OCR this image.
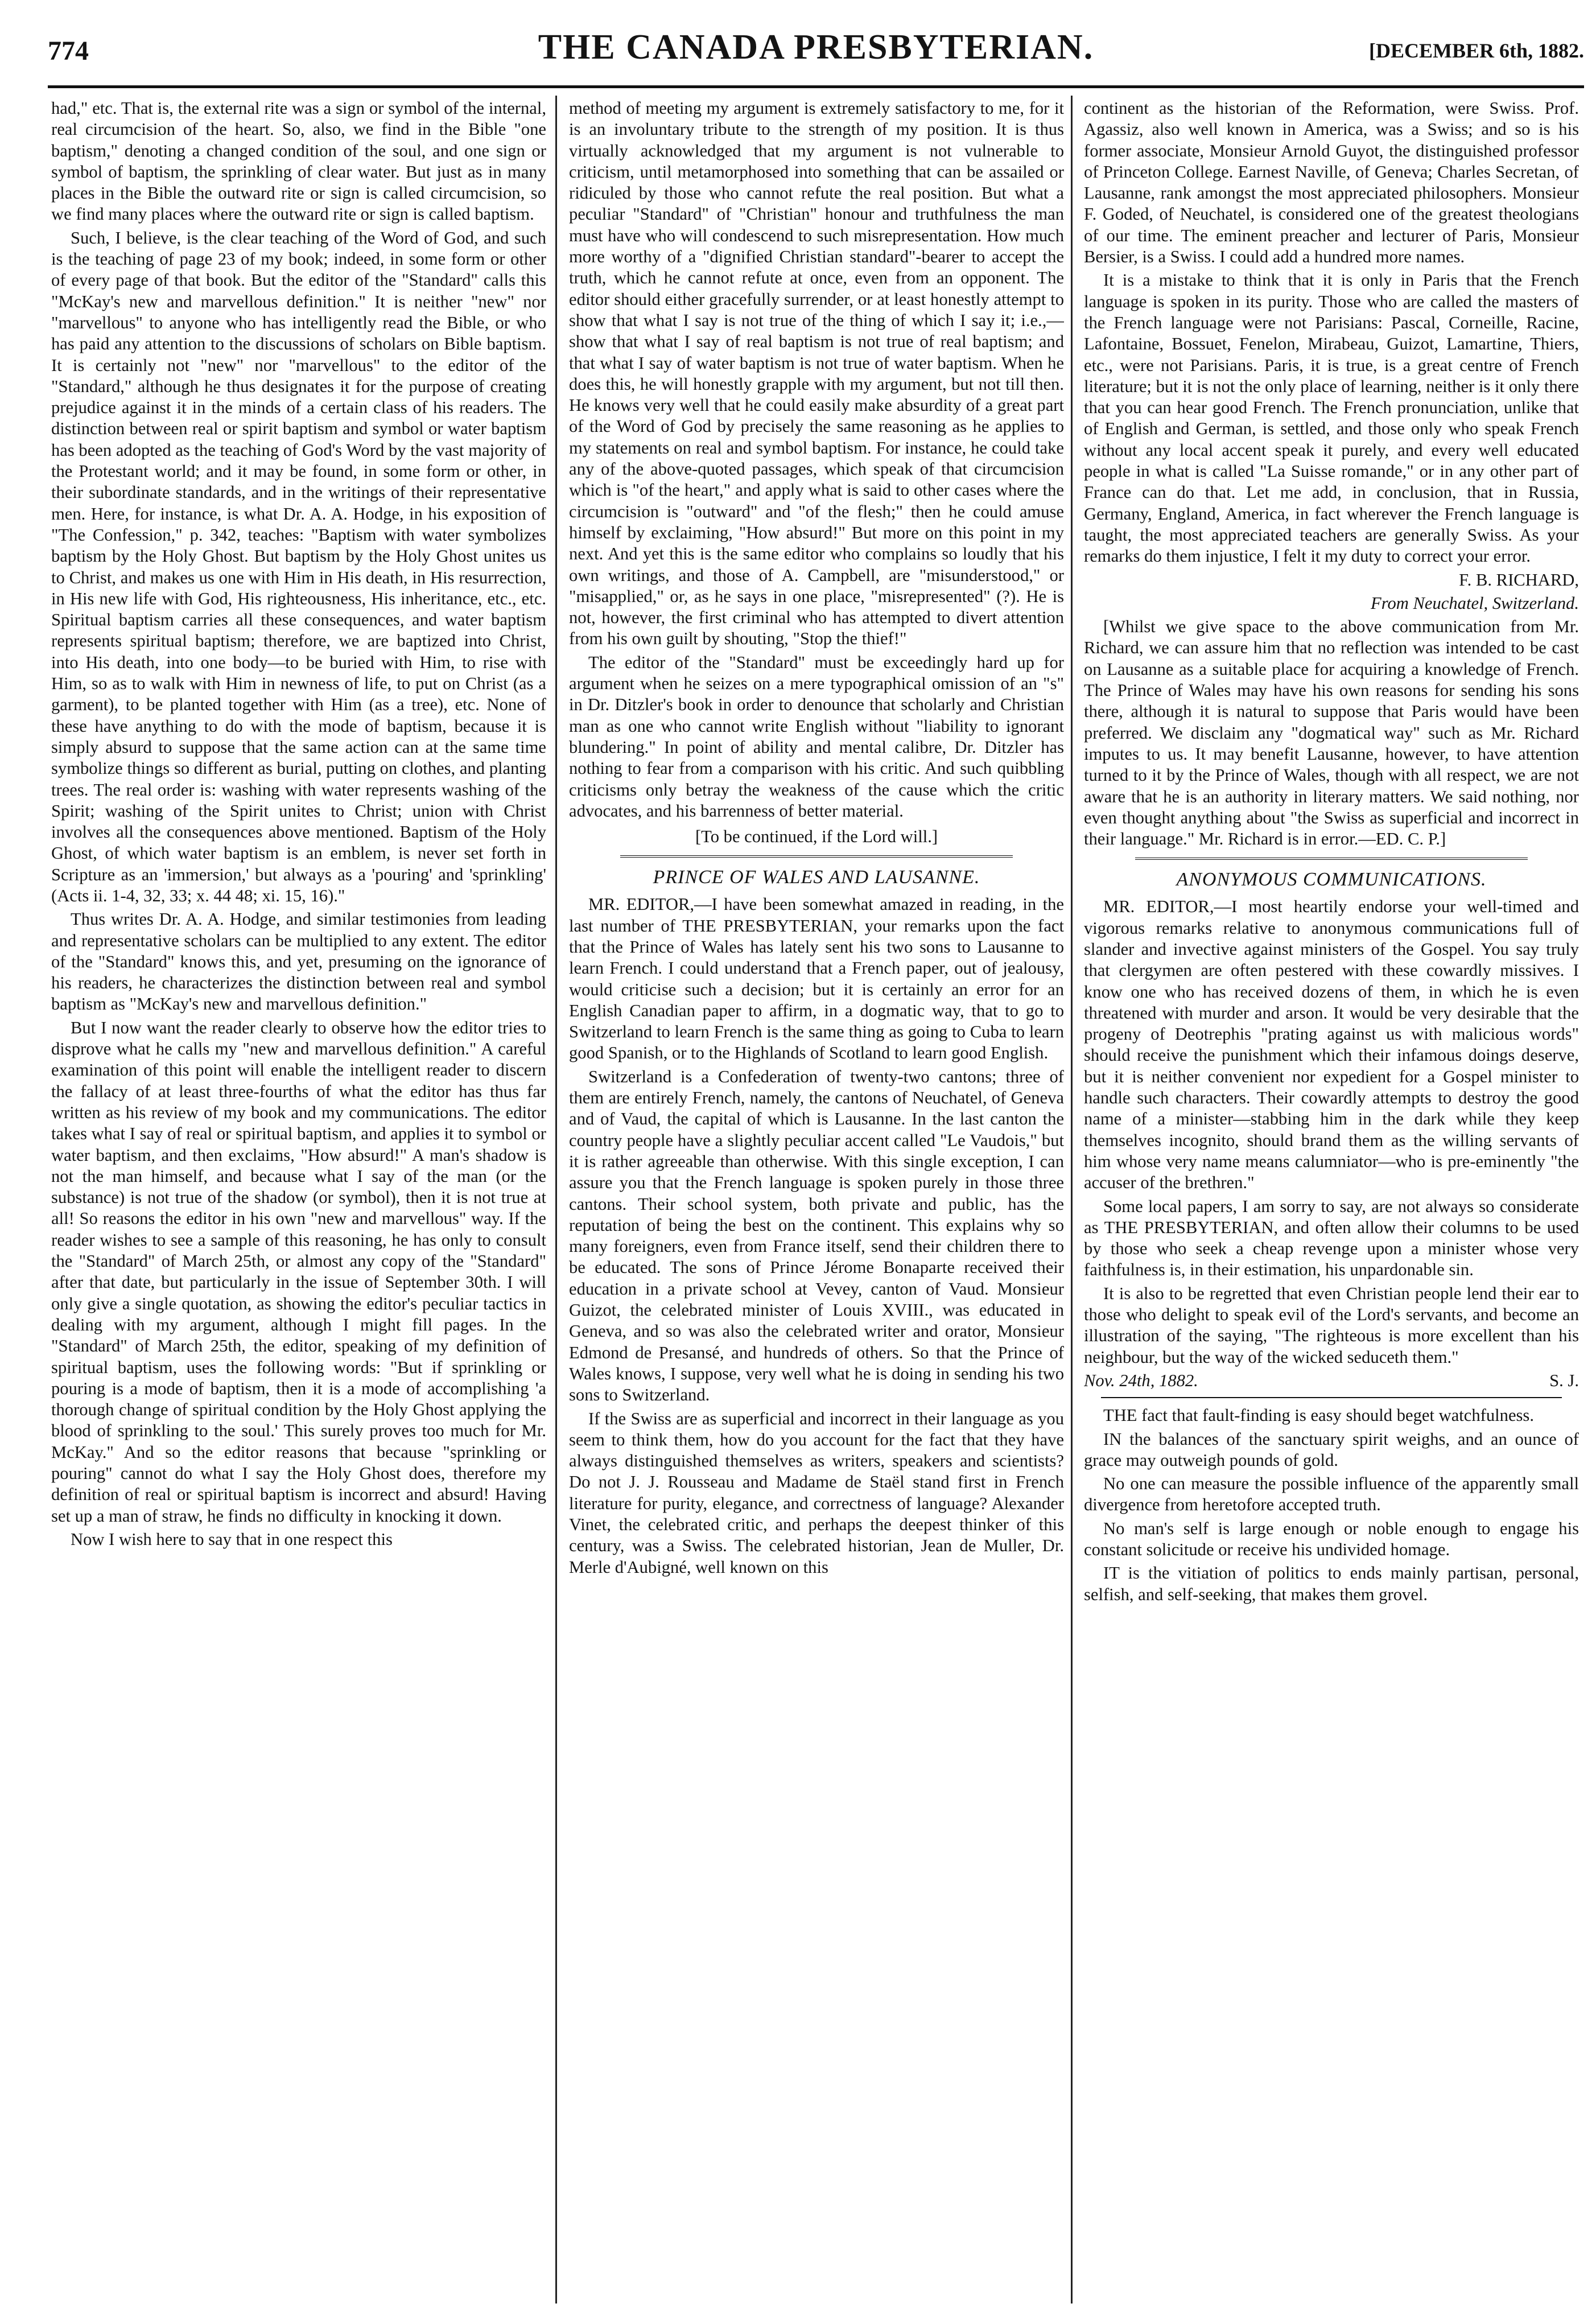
774	THE CANADA PRESBYTERIAN.	[DECEMBER 6th, 1882.

had," etc. That is, the external rite was a sign or symbol of the internal, real circumcision of the heart. So, also, we find in the Bible "one baptism," denoting a changed condition of the soul, and one sign or symbol of baptism, the sprinkling of clear water. But just as in many places in the Bible the outward rite or sign is called circumcision, so we find many places where the outward rite or sign is called baptism.

Such, I believe, is the clear teaching of the Word of God, and such is the teaching of page 23 of my book; indeed, in some form or other of every page of that book. But the editor of the "Standard" calls this "McKay's new and marvellous definition." It is neither "new" nor "marvellous" to anyone who has intelligently read the Bible, or who has paid any attention to the discussions of scholars on Bible baptism. It is certainly not "new" nor "marvellous" to the editor of the "Standard," although he thus designates it for the purpose of creating prejudice against it in the minds of a certain class of his readers. The distinction between real or spirit baptism and symbol or water baptism has been adopted as the teaching of God's Word by the vast majority of the Protestant world; and it may be found, in some form or other, in their subordinate standards, and in the writings of their representative men. Here, for instance, is what Dr. A. A. Hodge, in his exposition of "The Confession," p. 342, teaches: "Baptism with water symbolizes baptism by the Holy Ghost. But baptism by the Holy Ghost unites us to Christ, and makes us one with Him in His death, in His resurrection, in His new life with God, His righteousness, His inheritance, etc., etc. Spiritual baptism carries all these consequences, and water baptism represents spiritual baptism; therefore, we are baptized into Christ, into His death, into one body—to be buried with Him, to rise with Him, so as to walk with Him in newness of life, to put on Christ (as a garment), to be planted together with Him (as a tree), etc. None of these have anything to do with the mode of baptism, because it is simply absurd to suppose that the same action can at the same time symbolize things so different as burial, putting on clothes, and planting trees. The real order is: washing with water represents washing of the Spirit; washing of the Spirit unites to Christ; union with Christ involves all the consequences above mentioned. Baptism of the Holy Ghost, of which water baptism is an emblem, is never set forth in Scripture as an 'immersion,' but always as a 'pouring' and 'sprinkling' (Acts ii. 1-4, 32, 33; x. 44 48; xi. 15, 16)."

Thus writes Dr. A. A. Hodge, and similar testimonies from leading and representative scholars can be multiplied to any extent. The editor of the "Standard" knows this, and yet, presuming on the ignorance of his readers, he characterizes the distinction between real and symbol baptism as "McKay's new and marvellous definition."

But I now want the reader clearly to observe how the editor tries to disprove what he calls my "new and marvellous definition." A careful examination of this point will enable the intelligent reader to discern the fallacy of at least three-fourths of what the editor has thus far written as his review of my book and my communications. The editor takes what I say of real or spiritual baptism, and applies it to symbol or water baptism, and then exclaims, "How absurd!" A man's shadow is not the man himself, and because what I say of the man (or the substance) is not true of the shadow (or symbol), then it is not true at all! So reasons the editor in his own "new and marvellous" way. If the reader wishes to see a sample of this reasoning, he has only to consult the "Standard" of March 25th, or almost any copy of the "Standard" after that date, but particularly in the issue of September 30th. I will only give a single quotation, as showing the editor's peculiar tactics in dealing with my argument, although I might fill pages. In the "Standard" of March 25th, the editor, speaking of my definition of spiritual baptism, uses the following words: "But if sprinkling or pouring is a mode of baptism, then it is a mode of accomplishing 'a thorough change of spiritual condition by the Holy Ghost applying the blood of sprinkling to the soul.' This surely proves too much for Mr. McKay." And so the editor reasons that because "sprinkling or pouring" cannot do what I say the Holy Ghost does, therefore my definition of real or spiritual baptism is incorrect and absurd! Having set up a man of straw, he finds no difficulty in knocking it down.

Now I wish here to say that in one respect this

method of meeting my argument is extremely satisfactory to me, for it is an involuntary tribute to the strength of my position. It is thus virtually acknowledged that my argument is not vulnerable to criticism, until metamorphosed into something that can be assailed or ridiculed by those who cannot refute the real position. But what a peculiar "Standard" of "Christian" honour and truthfulness the man must have who will condescend to such misrepresentation. How much more worthy of a "dignified Christian standard"-bearer to accept the truth, which he cannot refute at once, even from an opponent. The editor should either gracefully surrender, or at least honestly attempt to show that what I say is not true of the thing of which I say it; i.e.,—show that what I say of real baptism is not true of real baptism; and that what I say of water baptism is not true of water baptism. When he does this, he will honestly grapple with my argument, but not till then. He knows very well that he could easily make absurdity of a great part of the Word of God by precisely the same reasoning as he applies to my statements on real and symbol baptism. For instance, he could take any of the above-quoted passages, which speak of that circumcision which is "of the heart," and apply what is said to other cases where the circumcision is "outward" and "of the flesh;" then he could amuse himself by exclaiming, "How absurd!" But more on this point in my next. And yet this is the same editor who complains so loudly that his own writings, and those of A. Campbell, are "misunderstood," or "misapplied," or, as he says in one place, "misrepresented" (?). He is not, however, the first criminal who has attempted to divert attention from his own guilt by shouting, "Stop the thief!"

The editor of the "Standard" must be exceedingly hard up for argument when he seizes on a mere typographical omission of an "s" in Dr. Ditzler's book in order to denounce that scholarly and Christian man as one who cannot write English without "liability to ignorant blundering." In point of ability and mental calibre, Dr. Ditzler has nothing to fear from a comparison with his critic. And such quibbling criticisms only betray the weakness of the cause which the critic advocates, and his barrenness of better material.

[To be continued, if the Lord will.]

PRINCE OF WALES AND LAUSANNE.

MR. EDITOR,—I have been somewhat amazed in reading, in the last number of THE PRESBYTERIAN, your remarks upon the fact that the Prince of Wales has lately sent his two sons to Lausanne to learn French. I could understand that a French paper, out of jealousy, would criticise such a decision; but it is certainly an error for an English Canadian paper to affirm, in a dogmatic way, that to go to Switzerland to learn French is the same thing as going to Cuba to learn good Spanish, or to the Highlands of Scotland to learn good English.

Switzerland is a Confederation of twenty-two cantons; three of them are entirely French, namely, the cantons of Neuchatel, of Geneva and of Vaud, the capital of which is Lausanne. In the last canton the country people have a slightly peculiar accent called "Le Vaudois," but it is rather agreeable than otherwise. With this single exception, I can assure you that the French language is spoken purely in those three cantons. Their school system, both private and public, has the reputation of being the best on the continent. This explains why so many foreigners, even from France itself, send their children there to be educated. The sons of Prince Jérome Bonaparte received their education in a private school at Vevey, canton of Vaud. Monsieur Guizot, the celebrated minister of Louis XVIII., was educated in Geneva, and so was also the celebrated writer and orator, Monsieur Edmond de Presansé, and hundreds of others. So that the Prince of Wales knows, I suppose, very well what he is doing in sending his two sons to Switzerland.

If the Swiss are as superficial and incorrect in their language as you seem to think them, how do you account for the fact that they have always distinguished themselves as writers, speakers and scientists? Do not J. J. Rousseau and Madame de Staël stand first in French literature for purity, elegance, and correctness of language? Alexander Vinet, the celebrated critic, and perhaps the deepest thinker of this century, was a Swiss. The celebrated historian, Jean de Muller, Dr. Merle d'Aubigné, well known on this

continent as the historian of the Reformation, were Swiss. Prof. Agassiz, also well known in America, was a Swiss; and so is his former associate, Monsieur Arnold Guyot, the distinguished professor of Princeton College. Earnest Naville, of Geneva; Charles Secretan, of Lausanne, rank amongst the most appreciated philosophers. Monsieur F. Goded, of Neuchatel, is considered one of the greatest theologians of our time. The eminent preacher and lecturer of Paris, Monsieur Bersier, is a Swiss. I could add a hundred more names.

It is a mistake to think that it is only in Paris that the French language is spoken in its purity. Those who are called the masters of the French language were not Parisians: Pascal, Corneille, Racine, Lafontaine, Bossuet, Fenelon, Mirabeau, Guizot, Lamartine, Thiers, etc., were not Parisians. Paris, it is true, is a great centre of French literature; but it is not the only place of learning, neither is it only there that you can hear good French. The French pronunciation, unlike that of English and German, is settled, and those only who speak French without any local accent speak it purely, and every well educated people in what is called "La Suisse romande," or in any other part of France can do that. Let me add, in conclusion, that in Russia, Germany, England, America, in fact wherever the French language is taught, the most appreciated teachers are generally Swiss. As your remarks do them injustice, I felt it my duty to correct your error.

F. B. RICHARD,

From Neuchatel, Switzerland.

[Whilst we give space to the above communication from Mr. Richard, we can assure him that no reflection was intended to be cast on Lausanne as a suitable place for acquiring a knowledge of French. The Prince of Wales may have his own reasons for sending his sons there, although it is natural to suppose that Paris would have been preferred. We disclaim any "dogmatical way" such as Mr. Richard imputes to us. It may benefit Lausanne, however, to have attention turned to it by the Prince of Wales, though with all respect, we are not aware that he is an authority in literary matters. We said nothing, nor even thought anything about "the Swiss as superficial and incorrect in their language." Mr. Richard is in error.—ED. C. P.]

ANONYMOUS COMMUNICATIONS.

MR. EDITOR,—I most heartily endorse your well-timed and vigorous remarks relative to anonymous communications full of slander and invective against ministers of the Gospel. You say truly that clergymen are often pestered with these cowardly missives. I know one who has received dozens of them, in which he is even threatened with murder and arson. It would be very desirable that the progeny of Deotrephis "prating against us with malicious words" should receive the punishment which their infamous doings deserve, but it is neither convenient nor expedient for a Gospel minister to handle such characters. Their cowardly attempts to destroy the good name of a minister—stabbing him in the dark while they keep themselves incognito, should brand them as the willing servants of him whose very name means calumniator—who is pre-eminently "the accuser of the brethren."

Some local papers, I am sorry to say, are not always so considerate as THE PRESBYTERIAN, and often allow their columns to be used by those who seek a cheap revenge upon a minister whose very faithfulness is, in their estimation, his unpardonable sin.

It is also to be regretted that even Christian people lend their ear to those who delight to speak evil of the Lord's servants, and become an illustration of the saying, "The righteous is more excellent than his neighbour, but the way of the wicked seduceth them."

Nov. 24th, 1882.	S. J.

THE fact that fault-finding is easy should beget watchfulness.

IN the balances of the sanctuary spirit weighs, and an ounce of grace may outweigh pounds of gold.

No one can measure the possible influence of the apparently small divergence from heretofore accepted truth.

No man's self is large enough or noble enough to engage his constant solicitude or receive his undivided homage.

IT is the vitiation of politics to ends mainly partisan, personal, selfish, and self-seeking, that makes them grovel.
